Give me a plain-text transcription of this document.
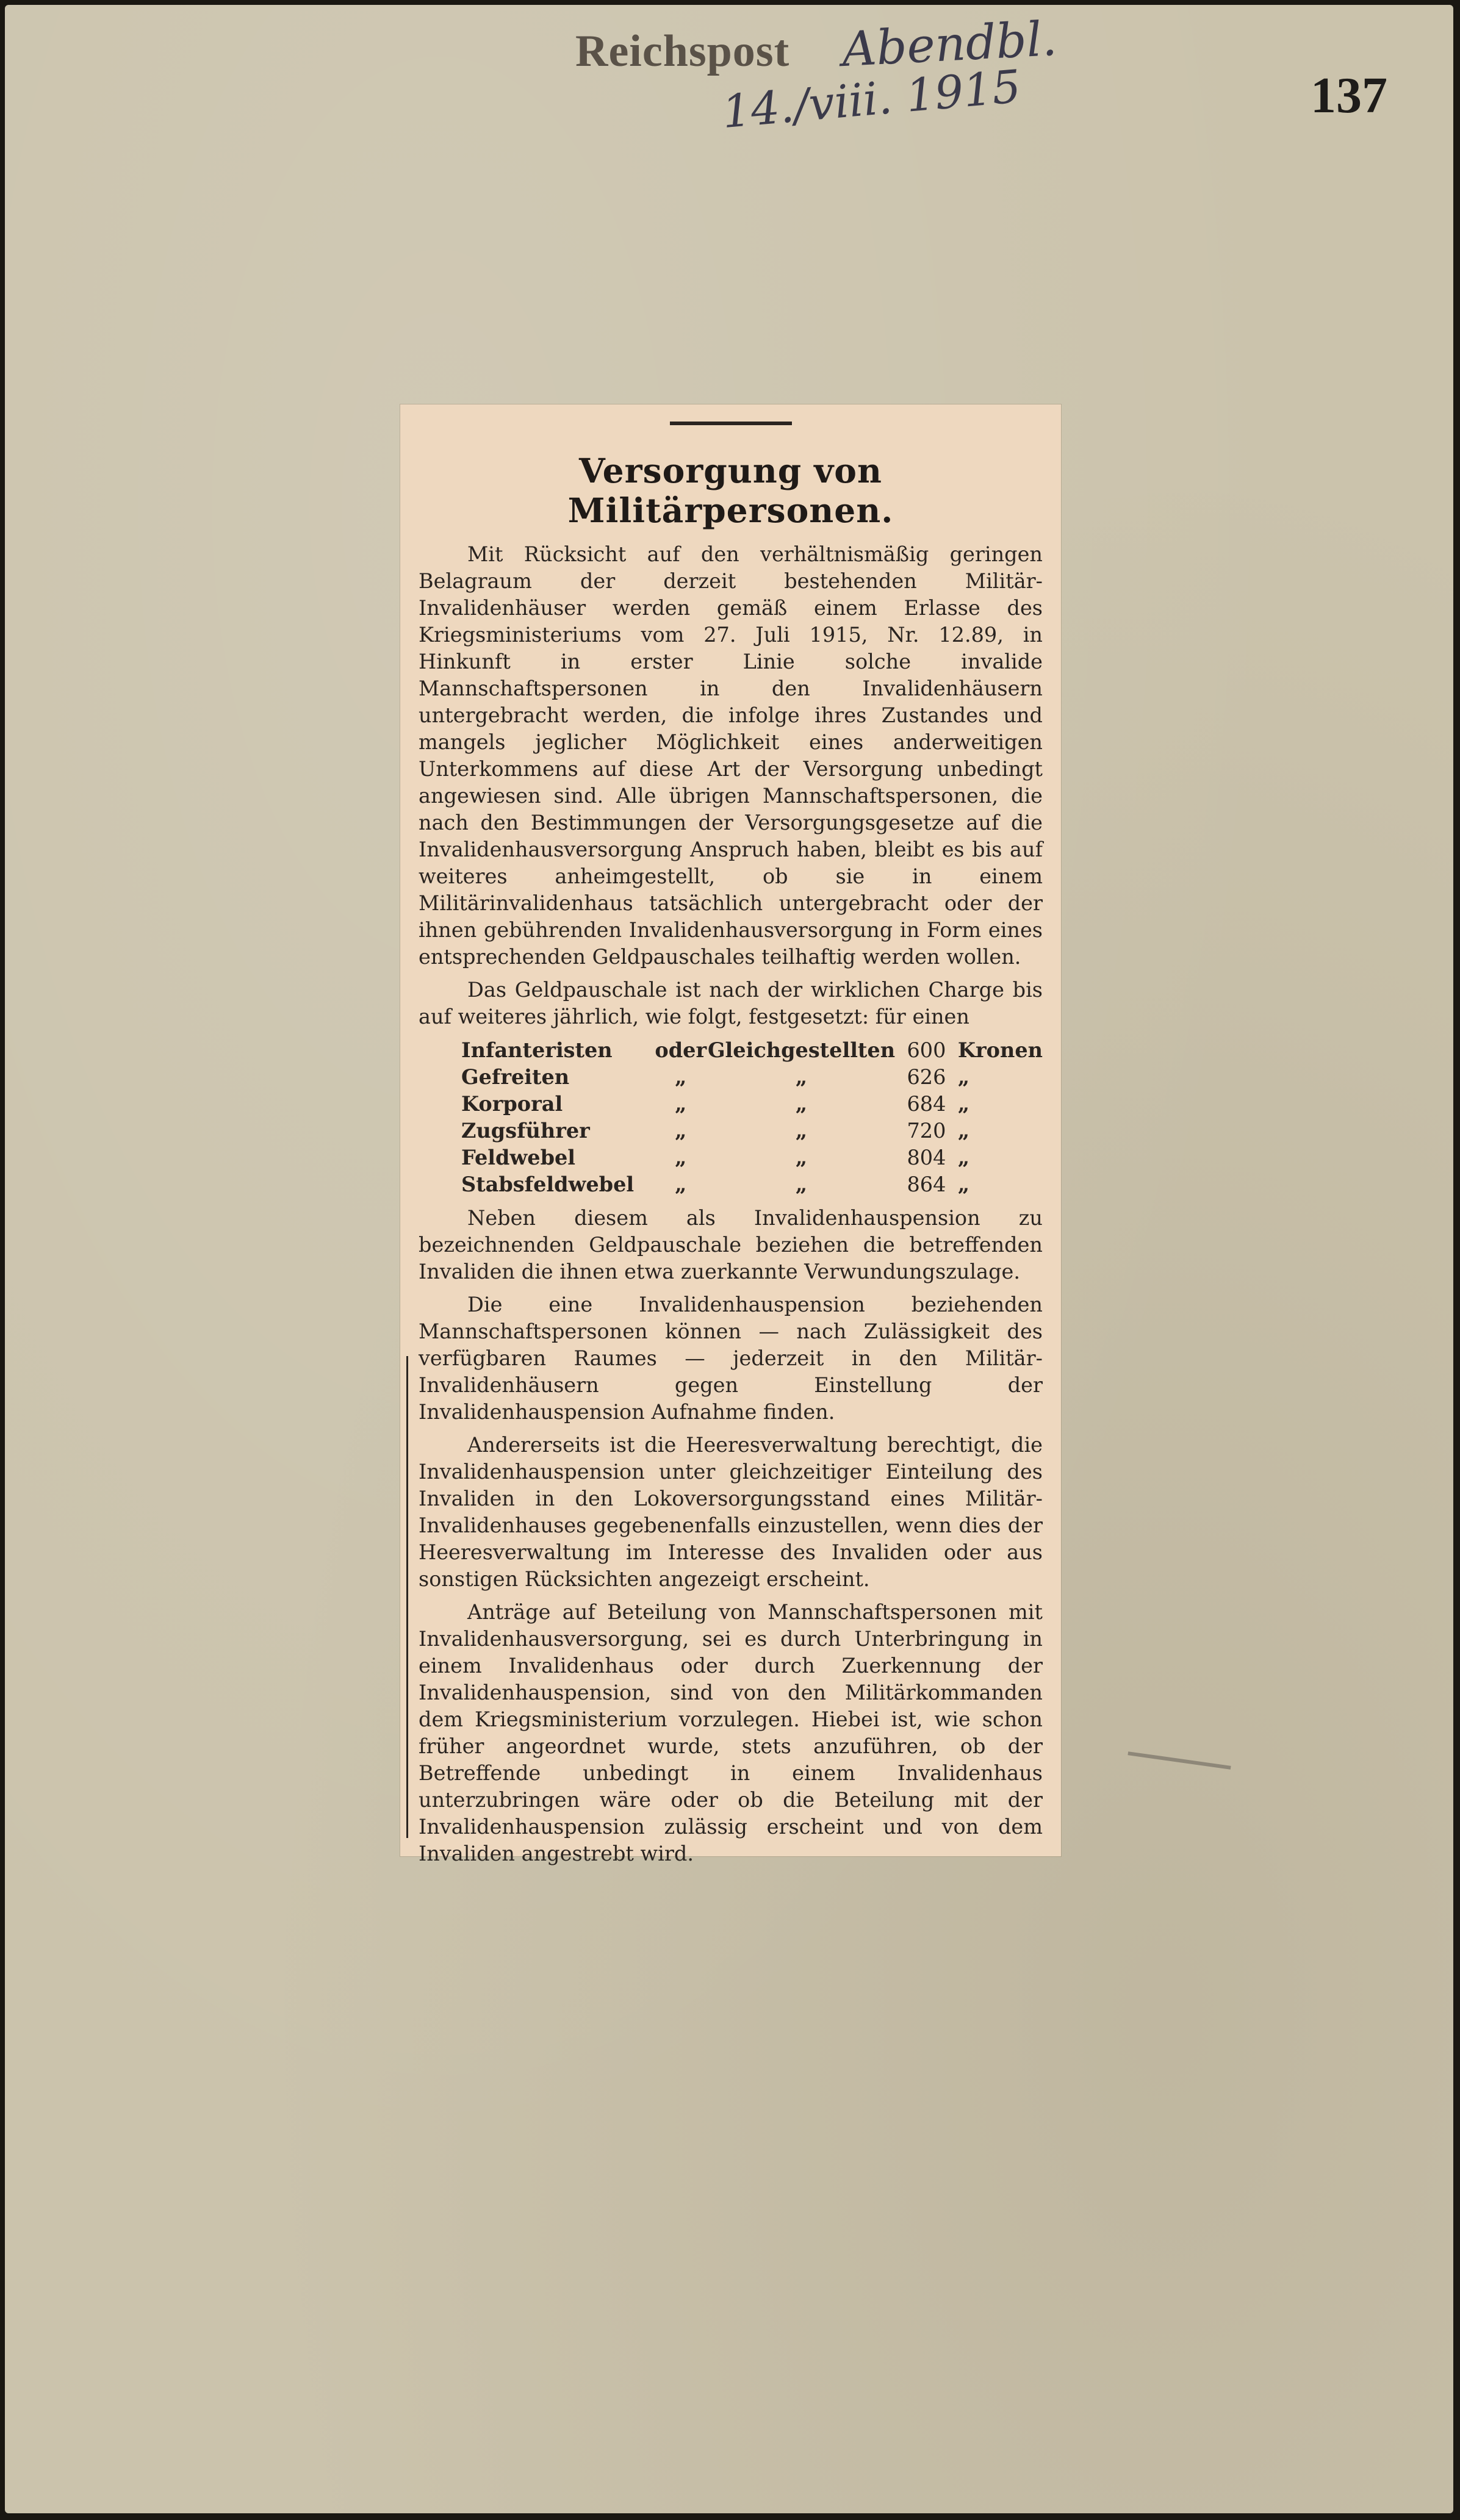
Reichspost Abendbl.
14./viii. 1915	137
Versorgung von Militärpersonen.

Mit Rücksicht auf den verhältnismäßig geringen Belagraum der derzeit bestehenden Militär-Invalidenhäuser werden gemäß einem Erlasse des Kriegsministeriums vom 27. Juli 1915, Nr. 12.89, in Hinkunft in erster Linie solche invalide Mannschaftspersonen in den Invalidenhäusern untergebracht werden, die infolge ihres Zustandes und mangels jeglicher Möglichkeit eines anderweitigen Unterkommens auf diese Art der Versorgung unbedingt angewiesen sind. Alle übrigen Mannschaftspersonen, die nach den Bestimmungen der Versorgungsgesetze auf die Invalidenhausversorgung Anspruch haben, bleibt es bis auf weiteres anheimgestellt, ob sie in einem Militärinvalidenhaus tatsächlich untergebracht oder der ihnen gebührenden Invalidenhausversorgung in Form eines entsprechenden Geldpauschales teilhaftig werden wollen.

Das Geldpauschale ist nach der wirklichen Charge bis auf weiteres jährlich, wie folgt, festgesetzt: für einen

Infanteristen	oder	Gleichgestellten	600	Kronen
Gefreiten	„	„	626	„
Korporal	„	„	684	„
Zugsführer	„	„	720	„
Feldwebel	„	„	804	„
Stabsfeldwebel	„	„	864	„

Neben diesem als Invalidenhauspension zu bezeichnenden Geldpauschale beziehen die betreffenden Invaliden die ihnen etwa zuerkannte Verwundungszulage.

Die eine Invalidenhauspension beziehenden Mannschaftspersonen können — nach Zulässigkeit des verfügbaren Raumes — jederzeit in den Militär-Invalidenhäusern gegen Einstellung der Invalidenhauspension Aufnahme finden.

Andererseits ist die Heeresverwaltung berechtigt, die Invalidenhauspension unter gleichzeitiger Einteilung des Invaliden in den Lokoversorgungsstand eines Militär-Invalidenhauses gegebenenfalls einzustellen, wenn dies der Heeresverwaltung im Interesse des Invaliden oder aus sonstigen Rücksichten angezeigt erscheint.

Anträge auf Beteilung von Mannschaftspersonen mit Invalidenhausversorgung, sei es durch Unterbringung in einem Invalidenhaus oder durch Zuerkennung der Invalidenhauspension, sind von den Militärkommanden dem Kriegsministerium vorzulegen. Hiebei ist, wie schon früher angeordnet wurde, stets anzuführen, ob der Betreffende unbedingt in einem Invalidenhaus unterzubringen wäre oder ob die Beteilung mit der Invalidenhauspension zulässig erscheint und von dem Invaliden angestrebt wird.
